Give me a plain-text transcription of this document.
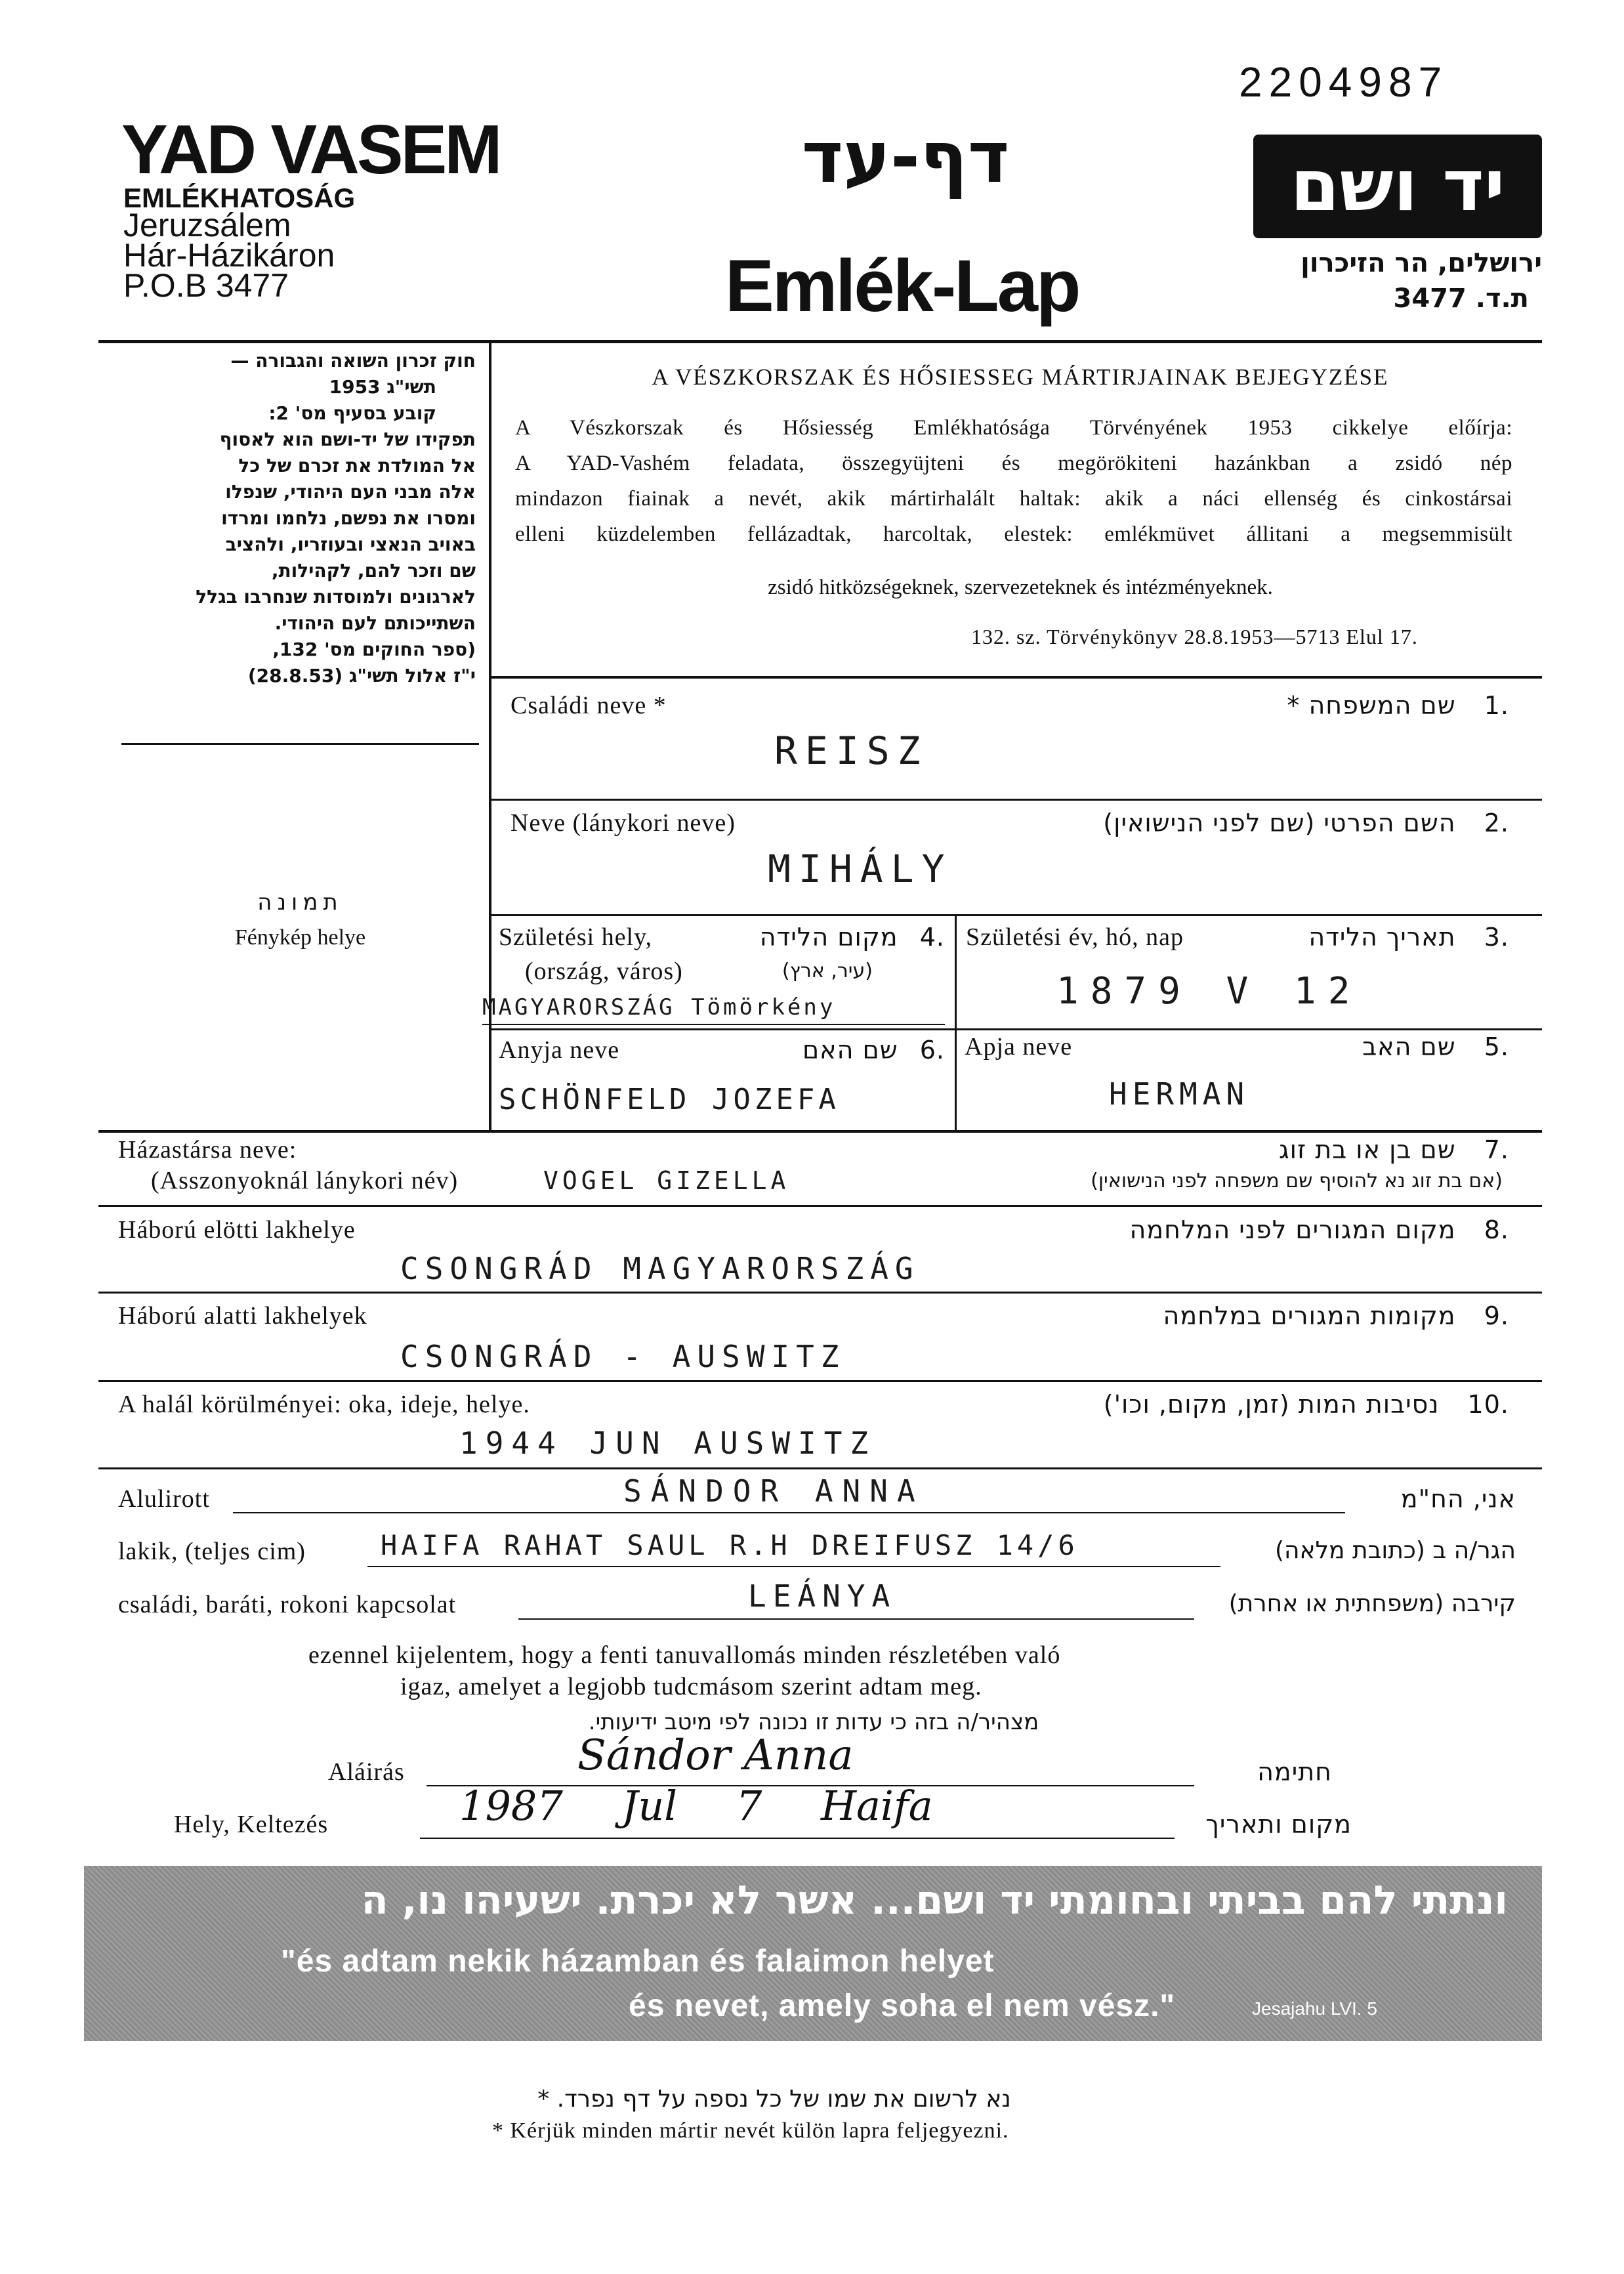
2204987
YAD VASEM
EMLÉKHATOSÁG
Jeruzsálem
Hár-Házikáron
P.O.B 3477
דף-עד
Emlék-Lap
יד ושם
ירושלים, הר הזיכרון
ת.ד. 3477
חוק זכרון השואה והגבורה —
תשי"ג 1953
קובע בסעיף מס' 2:
תפקידו של יד-ושם הוא לאסוף
אל המולדת את זכרם של כל
אלה מבני העם היהודי, שנפלו
ומסרו את נפשם, נלחמו ומרדו
באויב הנאצי ובעוזריו, ולהציב
שם וזכר להם, לקהילות,
לארגונים ולמוסדות שנחרבו בגלל
השתייכותם לעם היהודי.
(ספר החוקים מס' 132,
י"ז אלול תשי"ג (28.8.53)
תמונה
Fénykép helye
A VÉSZKORSZAK ÉS HŐSIESSEG MÁRTIRJAINAK BEJEGYZÉSE
A Vészkorszak és Hősiesség Emlékhatósága Törvényének 1953 cikkelye előírja:
A YAD-Vashém feladata, összegyüjteni és megörökiteni hazánkban a zsidó nép
mindazon fiainak a nevét, akik mártirhalált haltak: akik a náci ellenség és cinkostársai
elleni küzdelemben fellázadtak, harcoltak, elestek: emlékmüvet állitani a megsemmisült
zsidó hitközségeknek, szervezeteknek és intézményeknek.
132. sz. Törvénykönyv 28.8.1953—5713 Elul 17.
Családi neve *	.1 שם המשפחה *
REISZ
Neve (lánykori neve)	.2 השם הפרטי (שם לפני הנישואין)
MIHÁLY
Születési hely,	.4 מקום הלידה
(ország, város)	(עיר, ארץ)
MAGYARORSZÁG Tömörkény
Születési év, hó, nap	.3 תאריך הלידה
1879 V 12
Anyja neve	.6 שם האם
SCHÖNFELD JOZEFA
Apja neve	.5 שם האב
HERMAN
Házastársa neve:
(Asszonyoknál lánykori név)	VOGEL GIZELLA
.7 שם בן או בת זוג
(אם בת זוג נא להוסיף שם משפחה לפני הנישואין)
Háború elötti lakhelye	.8 מקום המגורים לפני המלחמה
CSONGRÁD MAGYARORSZÁG
Háború alatti lakhelyek	.9 מקומות המגורים במלחמה
CSONGRÁD - AUSWITZ
A halál körülményei: oka, ideje, helye.	.10 נסיבות המות (זמן, מקום, וכו')
1944 JUN AUSWITZ
Alulirott	SÁNDOR ANNA	אני, הח"מ
lakik, (teljes cim)	HAIFA RAHAT SAUL R.H DREIFUSZ 14/6	הגר/ה ב (כתובת מלאה)
családi, baráti, rokoni kapcsolat	LEÁNYA	קירבה (משפחתית או אחרת)
ezennel kijelentem, hogy a fenti tanuvallomás minden részletében való
igaz, amelyet a legjobb tudcmásom szerint adtam meg.
מצהיר/ה בזה כי עדות זו נכונה לפי מיטב ידיעותי.
Aláirás	Sándor Anna	חתימה
Hely, Keltezés	1987 Jul 7 Haifa	מקום ותאריך
ונתתי להם בביתי ובחומתי יד ושם... אשר לא יכרת. ישעיהו נו, ה
"és adtam nekik házamban és falaimon helyet
és nevet, amely soha el nem vész."	Jesajahu LVI. 5
נא לרשום את שמו של כל נספה על דף נפרד. *
* Kérjük minden mártir nevét külön lapra feljegyezni.
